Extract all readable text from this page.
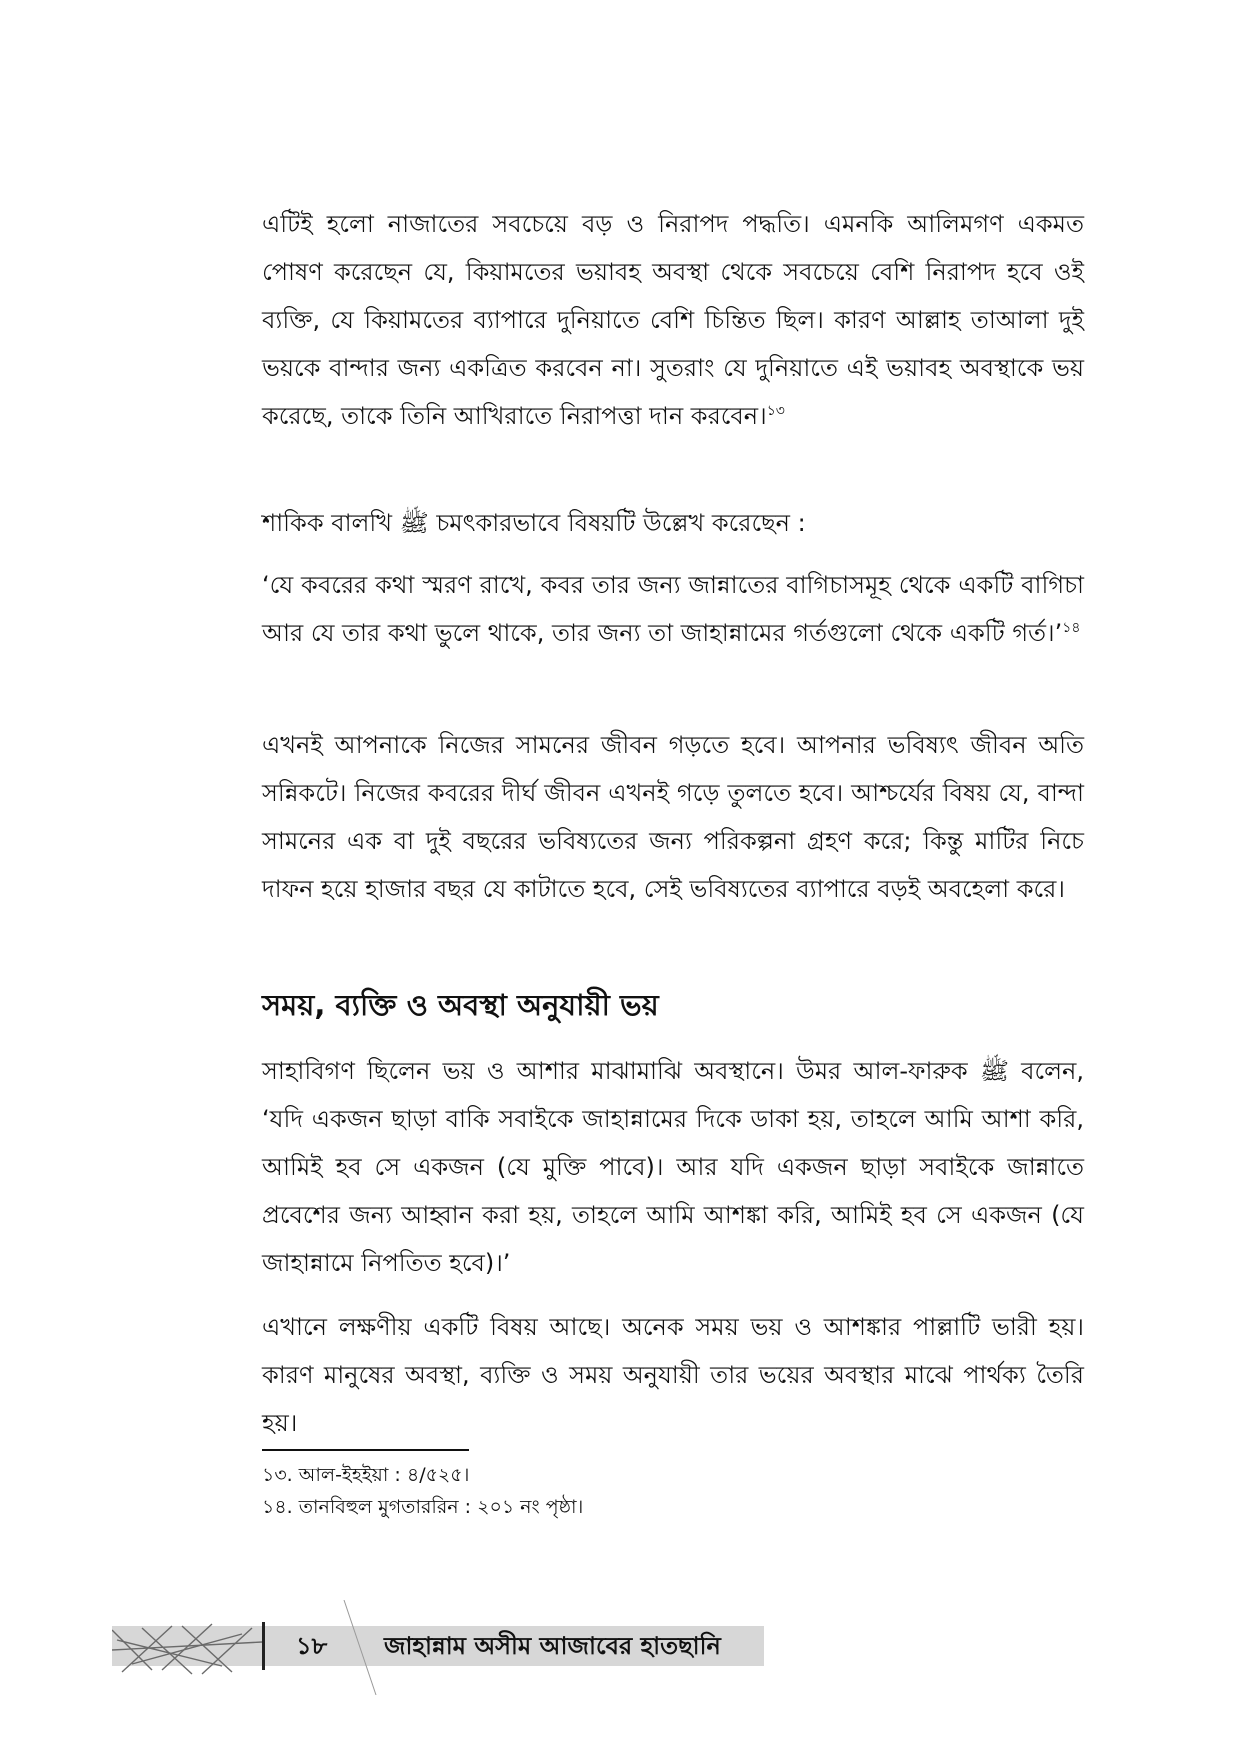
এটিই হলো নাজাতের সবচেয়ে বড় ও নিরাপদ পদ্ধতি। এমনকি আলিমগণ একমত পোষণ করেছেন যে, কিয়ামতের ভয়াবহ অবস্থা থেকে সবচেয়ে বেশি নিরাপদ হবে ওই ব্যক্তি, যে কিয়ামতের ব্যাপারে দুনিয়াতে বেশি চিন্তিত ছিল। কারণ আল্লাহ তাআলা দুই ভয়কে বান্দার জন্য একত্রিত করবেন না। সুতরাং যে দুনিয়াতে এই ভয়াবহ অবস্থাকে ভয় করেছে, তাকে তিনি আখিরাতে নিরাপত্তা দান করবেন।$^{১৩}$

শাকিক বালখি ﷺ চমৎকারভাবে বিষয়টি উল্লেখ করেছেন :

‘যে কবরের কথা স্মরণ রাখে, কবর তার জন্য জান্নাতের বাগিচাসমূহ থেকে একটি বাগিচা আর যে তার কথা ভুলে থাকে, তার জন্য তা জাহান্নামের গর্তগুলো থেকে একটি গর্ত।’$^{১৪}$

এখনই আপনাকে নিজের সামনের জীবন গড়তে হবে। আপনার ভবিষ্যৎ জীবন অতি সন্নিকটে। নিজের কবরের দীর্ঘ জীবন এখনই গড়ে তুলতে হবে। আশ্চর্যের বিষয় যে, বান্দা সামনের এক বা দুই বছরের ভবিষ্যতের জন্য পরিকল্পনা গ্রহণ করে; কিন্তু মাটির নিচে দাফন হয়ে হাজার বছর যে কাটাতে হবে, সেই ভবিষ্যতের ব্যাপারে বড়ই অবহেলা করে।

সময়, ব্যক্তি ও অবস্থা অনুযায়ী ভয়

সাহাবিগণ ছিলেন ভয় ও আশার মাঝামাঝি অবস্থানে। উমর আল-ফারুক ﷺ বলেন, ‘যদি একজন ছাড়া বাকি সবাইকে জাহান্নামের দিকে ডাকা হয়, তাহলে আমি আশা করি, আমিই হব সে একজন (যে মুক্তি পাবে)। আর যদি একজন ছাড়া সবাইকে জান্নাতে প্রবেশের জন্য আহ্বান করা হয়, তাহলে আমি আশঙ্কা করি, আমিই হব সে একজন (যে জাহান্নামে নিপতিত হবে)।’

এখানে লক্ষণীয় একটি বিষয় আছে। অনেক সময় ভয় ও আশঙ্কার পাল্লাটি ভারী হয়। কারণ মানুষের অবস্থা, ব্যক্তি ও সময় অনুযায়ী তার ভয়ের অবস্থার মাঝে পার্থক্য তৈরি হয়।

১৩. আল-ইহইয়া : ৪/৫২৫।

১৪. তানবিহুল মুগতাররিন : ২০১ নং পৃষ্ঠা।

১৮ জাহান্নাম অসীম আজাবের হাতছানি
